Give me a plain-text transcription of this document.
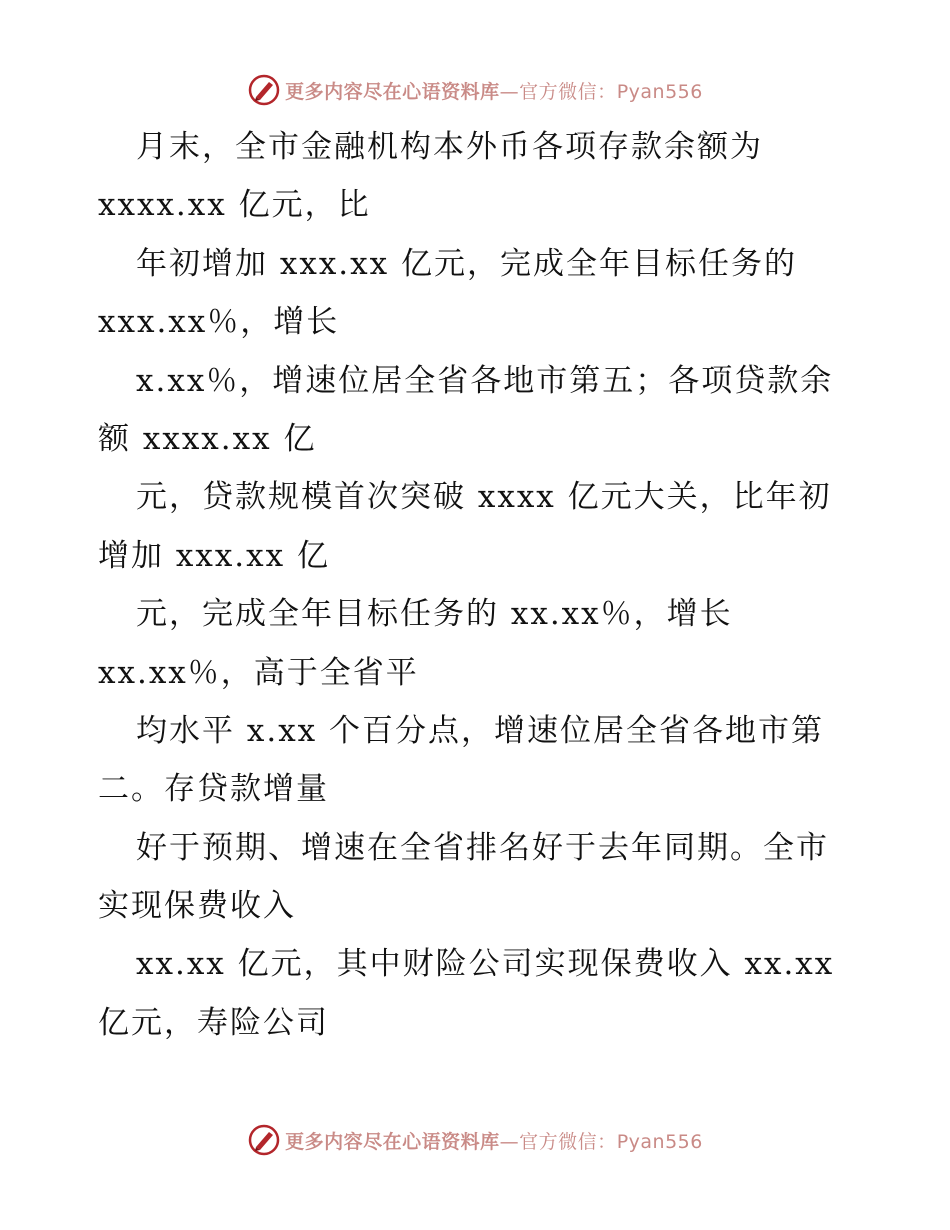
更多内容尽在心语资料库—官方微信：Pyan556
月末，全市金融机构本外币各项存款余额为
xxxx.xx 亿元，比
年初增加 xxx.xx 亿元，完成全年目标任务的
xxx.xx％，增长
x.xx％，增速位居全省各地市第五；各项贷款余
额 xxxx.xx 亿
元，贷款规模首次突破 xxxx 亿元大关，比年初
增加 xxx.xx 亿
元，完成全年目标任务的 xx.xx％，增长
xx.xx％，高于全省平
均水平 x.xx 个百分点，增速位居全省各地市第
二。存贷款增量
好于预期、增速在全省排名好于去年同期。全市
实现保费收入
xx.xx 亿元，其中财险公司实现保费收入 xx.xx
亿元，寿险公司
更多内容尽在心语资料库—官方微信：Pyan556
